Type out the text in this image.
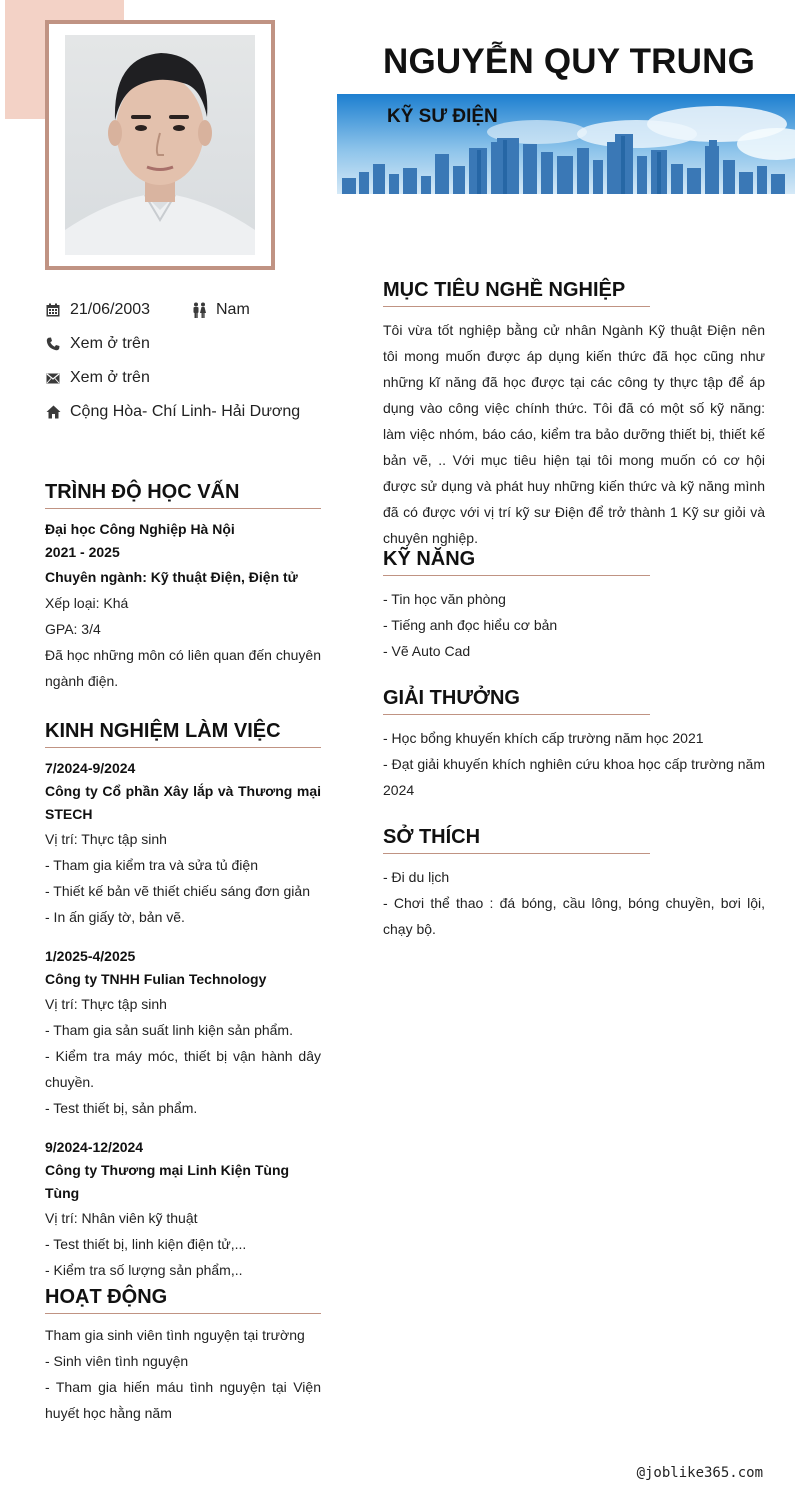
NGUYỄN QUY TRUNG
KỸ SƯ ĐIỆN
21/06/2003	Nam
Xem ở trên
Xem ở trên
Cộng Hòa- Chí Linh- Hải Dương
TRÌNH ĐỘ HỌC VẤN

Đại học Công Nghiệp Hà Nội

2021 - 2025

Chuyên ngành: Kỹ thuật Điện, Điện tử

Xếp loại: Khá

GPA: 3/4

Đã học những môn có liên quan đến chuyên ngành điện.

KINH NGHIỆM LÀM VIỆC

7/2024-9/2024

Công ty Cổ phần Xây lắp và Thương mại STECH

Vị trí: Thực tập sinh

- Tham gia kiểm tra và sửa tủ điện

- Thiết kế bản vẽ thiết chiếu sáng đơn giản

- In ấn giấy tờ, bản vẽ.

1/2025-4/2025

Công ty TNHH Fulian Technology

Vị trí: Thực tập sinh

- Tham gia sản suất linh kiện sản phẩm.

- Kiểm tra máy móc, thiết bị vận hành dây chuyền.

- Test thiết bị, sản phẩm.

9/2024-12/2024

Công ty Thương mại Linh Kiện Tùng Tùng

Vị trí: Nhân viên kỹ thuật

- Test thiết bị, linh kiện điện tử,...

- Kiểm tra số lượng sản phẩm,..

HOẠT ĐỘNG

Tham gia sinh viên tình nguyện tại trường

- Sinh viên tình nguyện

- Tham gia hiến máu tình nguyện tại Viện huyết học hằng năm

MỤC TIÊU NGHỀ NGHIỆP
Tôi vừa tốt nghiệp bằng cử nhân Ngành Kỹ thuật Điện nên tôi mong muốn được áp dụng kiến thức đã học cũng như những kĩ năng đã học được tại các công ty thực tập để áp dụng vào công việc chính thức. Tôi đã có một số kỹ năng: làm việc nhóm, báo cáo, kiểm tra bảo dưỡng thiết bị, thiết kế bản vẽ, .. Với mục tiêu hiện tại tôi mong muốn có cơ hội được sử dụng và phát huy những kiến thức và kỹ năng mình đã có được với vị trí kỹ sư Điện để trở thành 1 Kỹ sư giỏi và chuyên nghiệp.
KỸ NĂNG

- Tin học văn phòng

- Tiếng anh đọc hiểu cơ bản

- Vẽ Auto Cad

GIẢI THƯỞNG

- Học bổng khuyến khích cấp trường năm học 2021

- Đạt giải khuyến khích nghiên cứu khoa học cấp trường năm 2024

SỞ THÍCH

- Đi du lịch

- Chơi thể thao : đá bóng, cầu lông, bóng chuyền, bơi lội, chạy bộ.

@joblike365.com
